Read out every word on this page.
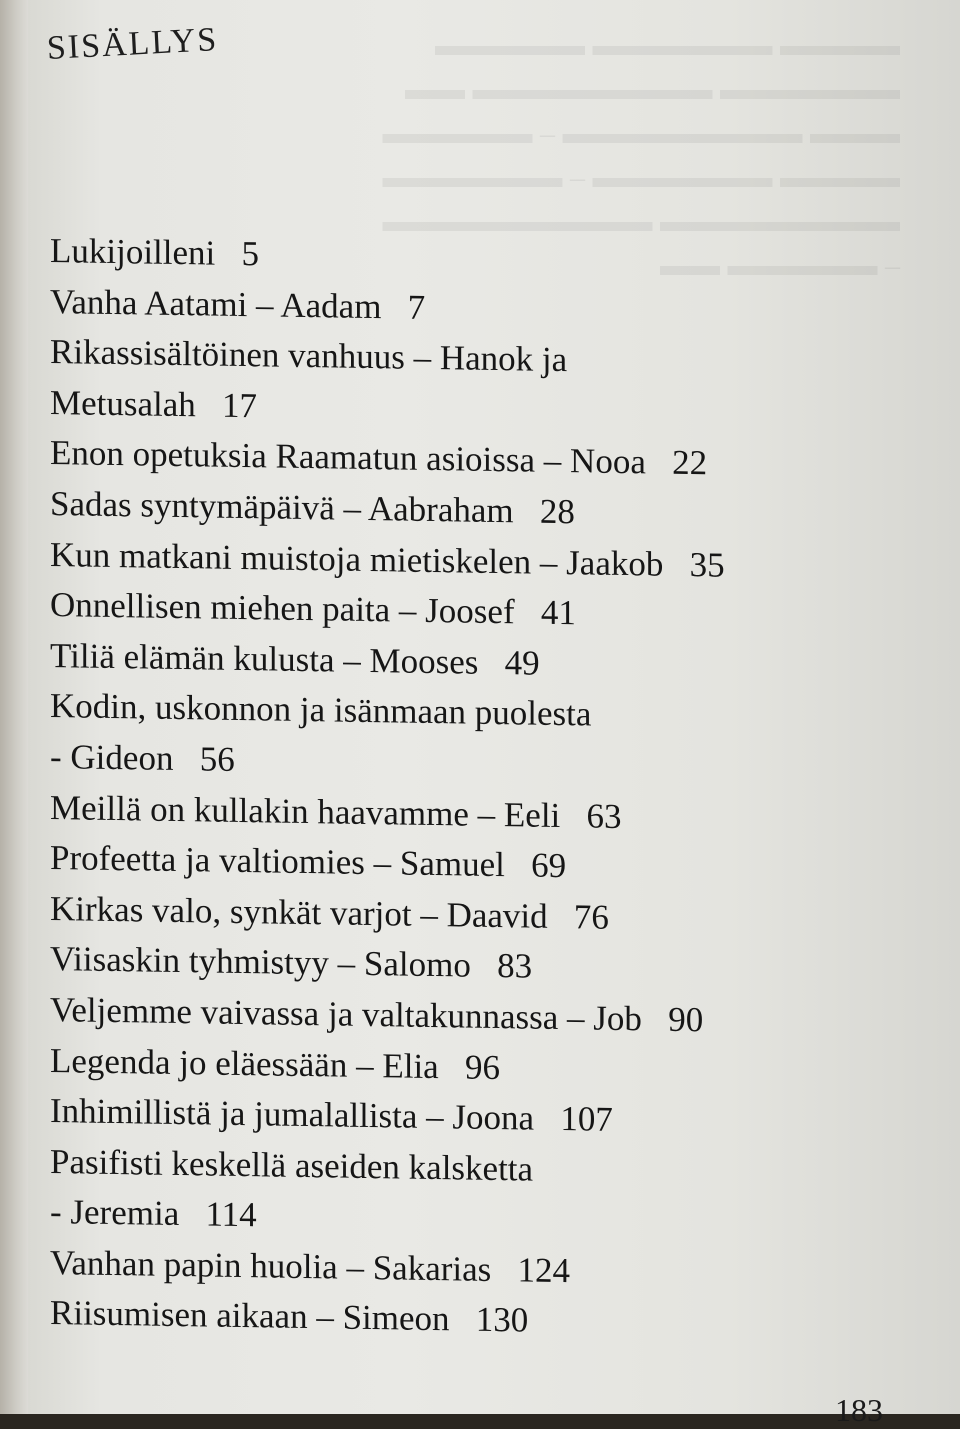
▬▬▬▬ ▬▬▬▬▬▬ ▬▬▬▬▬
▬▬▬▬▬▬ ▬▬▬▬▬▬▬▬ ▬▬
▬▬▬ ▬▬▬▬▬▬▬▬ – ▬▬▬▬▬
▬▬▬▬ ▬▬▬▬▬▬ – ▬▬▬▬▬▬
▬▬▬▬▬▬▬▬ ▬▬▬▬▬▬▬▬▬
– ▬▬▬▬▬ ▬▬
SISÄLLYS
Lukijoilleni 5
Vanha Aatami – Aadam 7
Rikassisältöinen vanhuus – Hanok ja
Metusalah 17
Enon opetuksia Raamatun asioissa – Nooa 22
Sadas syntymäpäivä – Aabraham 28
Kun matkani muistoja mietiskelen – Jaakob 35
Onnellisen miehen paita – Joosef 41
Tiliä elämän kulusta – Mooses 49
Kodin, uskonnon ja isänmaan puolesta
- Gideon 56
Meillä on kullakin haavamme – Eeli 63
Profeetta ja valtiomies – Samuel 69
Kirkas valo, synkät varjot – Daavid 76
Viisaskin tyhmistyy – Salomo 83
Veljemme vaivassa ja valtakunnassa – Job 90
Legenda jo eläessään – Elia 96
Inhimillistä ja jumalallista – Joona 107
Pasifisti keskellä aseiden kalsketta
- Jeremia 114
Vanhan papin huolia – Sakarias 124
Riisumisen aikaan – Simeon 130
183
